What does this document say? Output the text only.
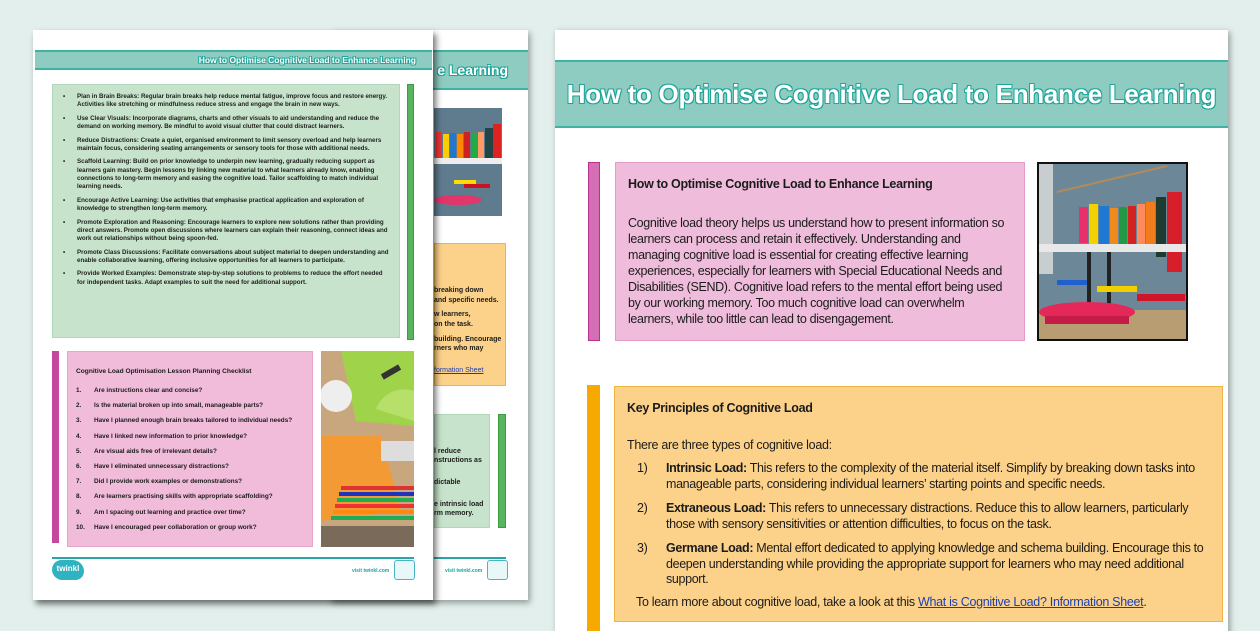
e Learning
breaking down
and specific needs.
w learners,
on the task.
building. Encourage
rners who may
formation Sheet
l reduce
nstructions as
dictable
e intrinsic load
rm memory.
visit twinkl.com
How to Optimise Cognitive Load to Enhance Learning
• Plan in Brain Breaks: Regular brain breaks help reduce mental fatigue, improve focus and restore energy. Activities like stretching or mindfulness reduce stress and engage the brain in new ways.
• Use Clear Visuals: Incorporate diagrams, charts and other visuals to aid understanding and reduce the demand on working memory. Be mindful to avoid visual clutter that could distract learners.
• Reduce Distractions: Create a quiet, organised environment to limit sensory overload and help learners maintain focus, considering seating arrangements or sensory tools for those with additional needs.
• Scaffold Learning: Build on prior knowledge to underpin new learning, gradually reducing support as learners gain mastery. Begin lessons by linking new material to what learners already know, enabling connections to long-term memory and easing the cognitive load. Tailor scaffolding to match individual learning needs.
• Encourage Active Learning: Use activities that emphasise practical application and exploration of knowledge to strengthen long-term memory.
• Promote Exploration and Reasoning: Encourage learners to explore new solutions rather than providing direct answers. Promote open discussions where learners can explain their reasoning, connect ideas and work out relationships without being spoon-fed.
• Promote Class Discussions: Facilitate conversations about subject material to deepen understanding and enable collaborative learning, offering inclusive opportunities for all learners to participate.
• Provide Worked Examples: Demonstrate step-by-step solutions to problems to reduce the effort needed for independent tasks. Adapt examples to suit the need for additional support.
Cognitive Load Optimisation Lesson Planning Checklist
1.	Are instructions clear and concise?
2.	Is the material broken up into small, manageable parts?
3.	Have I planned enough brain breaks tailored to individual needs?
4.	Have I linked new information to prior knowledge?
5.	Are visual aids free of irrelevant details?
6.	Have I eliminated unnecessary distractions?
7.	Did I provide work examples or demonstrations?
8.	Are learners practising skills with appropriate scaffolding?
9.	Am I spacing out learning and practice over time?
10.	Have I encouraged peer collaboration or group work?
twinkl	visit twinkl.com
How to Optimise Cognitive Load to Enhance Learning
How to Optimise Cognitive Load to Enhance Learning
Cognitive load theory helps us understand how to present information so learners can process and retain it effectively. Understanding and managing cognitive load is essential for creating effective learning experiences, especially for learners with Special Educational Needs and Disabilities (SEND). Cognitive load refers to the mental effort being used by our working memory. Too much cognitive load can overwhelm learners, while too little can lead to disengagement.
Key Principles of Cognitive Load
There are three types of cognitive load:
1)	Intrinsic Load: This refers to the complexity of the material itself. Simplify by breaking down tasks into manageable parts, considering individual learners’ starting points and specific needs.
2)	Extraneous Load: This refers to unnecessary distractions. Reduce this to allow learners, particularly those with sensory sensitivities or attention difficulties, to focus on the task.
3)	Germane Load: Mental effort dedicated to applying knowledge and schema building. Encourage this to deepen understanding while providing the appropriate support for learners who may need additional support.
To learn more about cognitive load, take a look at this What is Cognitive Load? Information Sheet.
